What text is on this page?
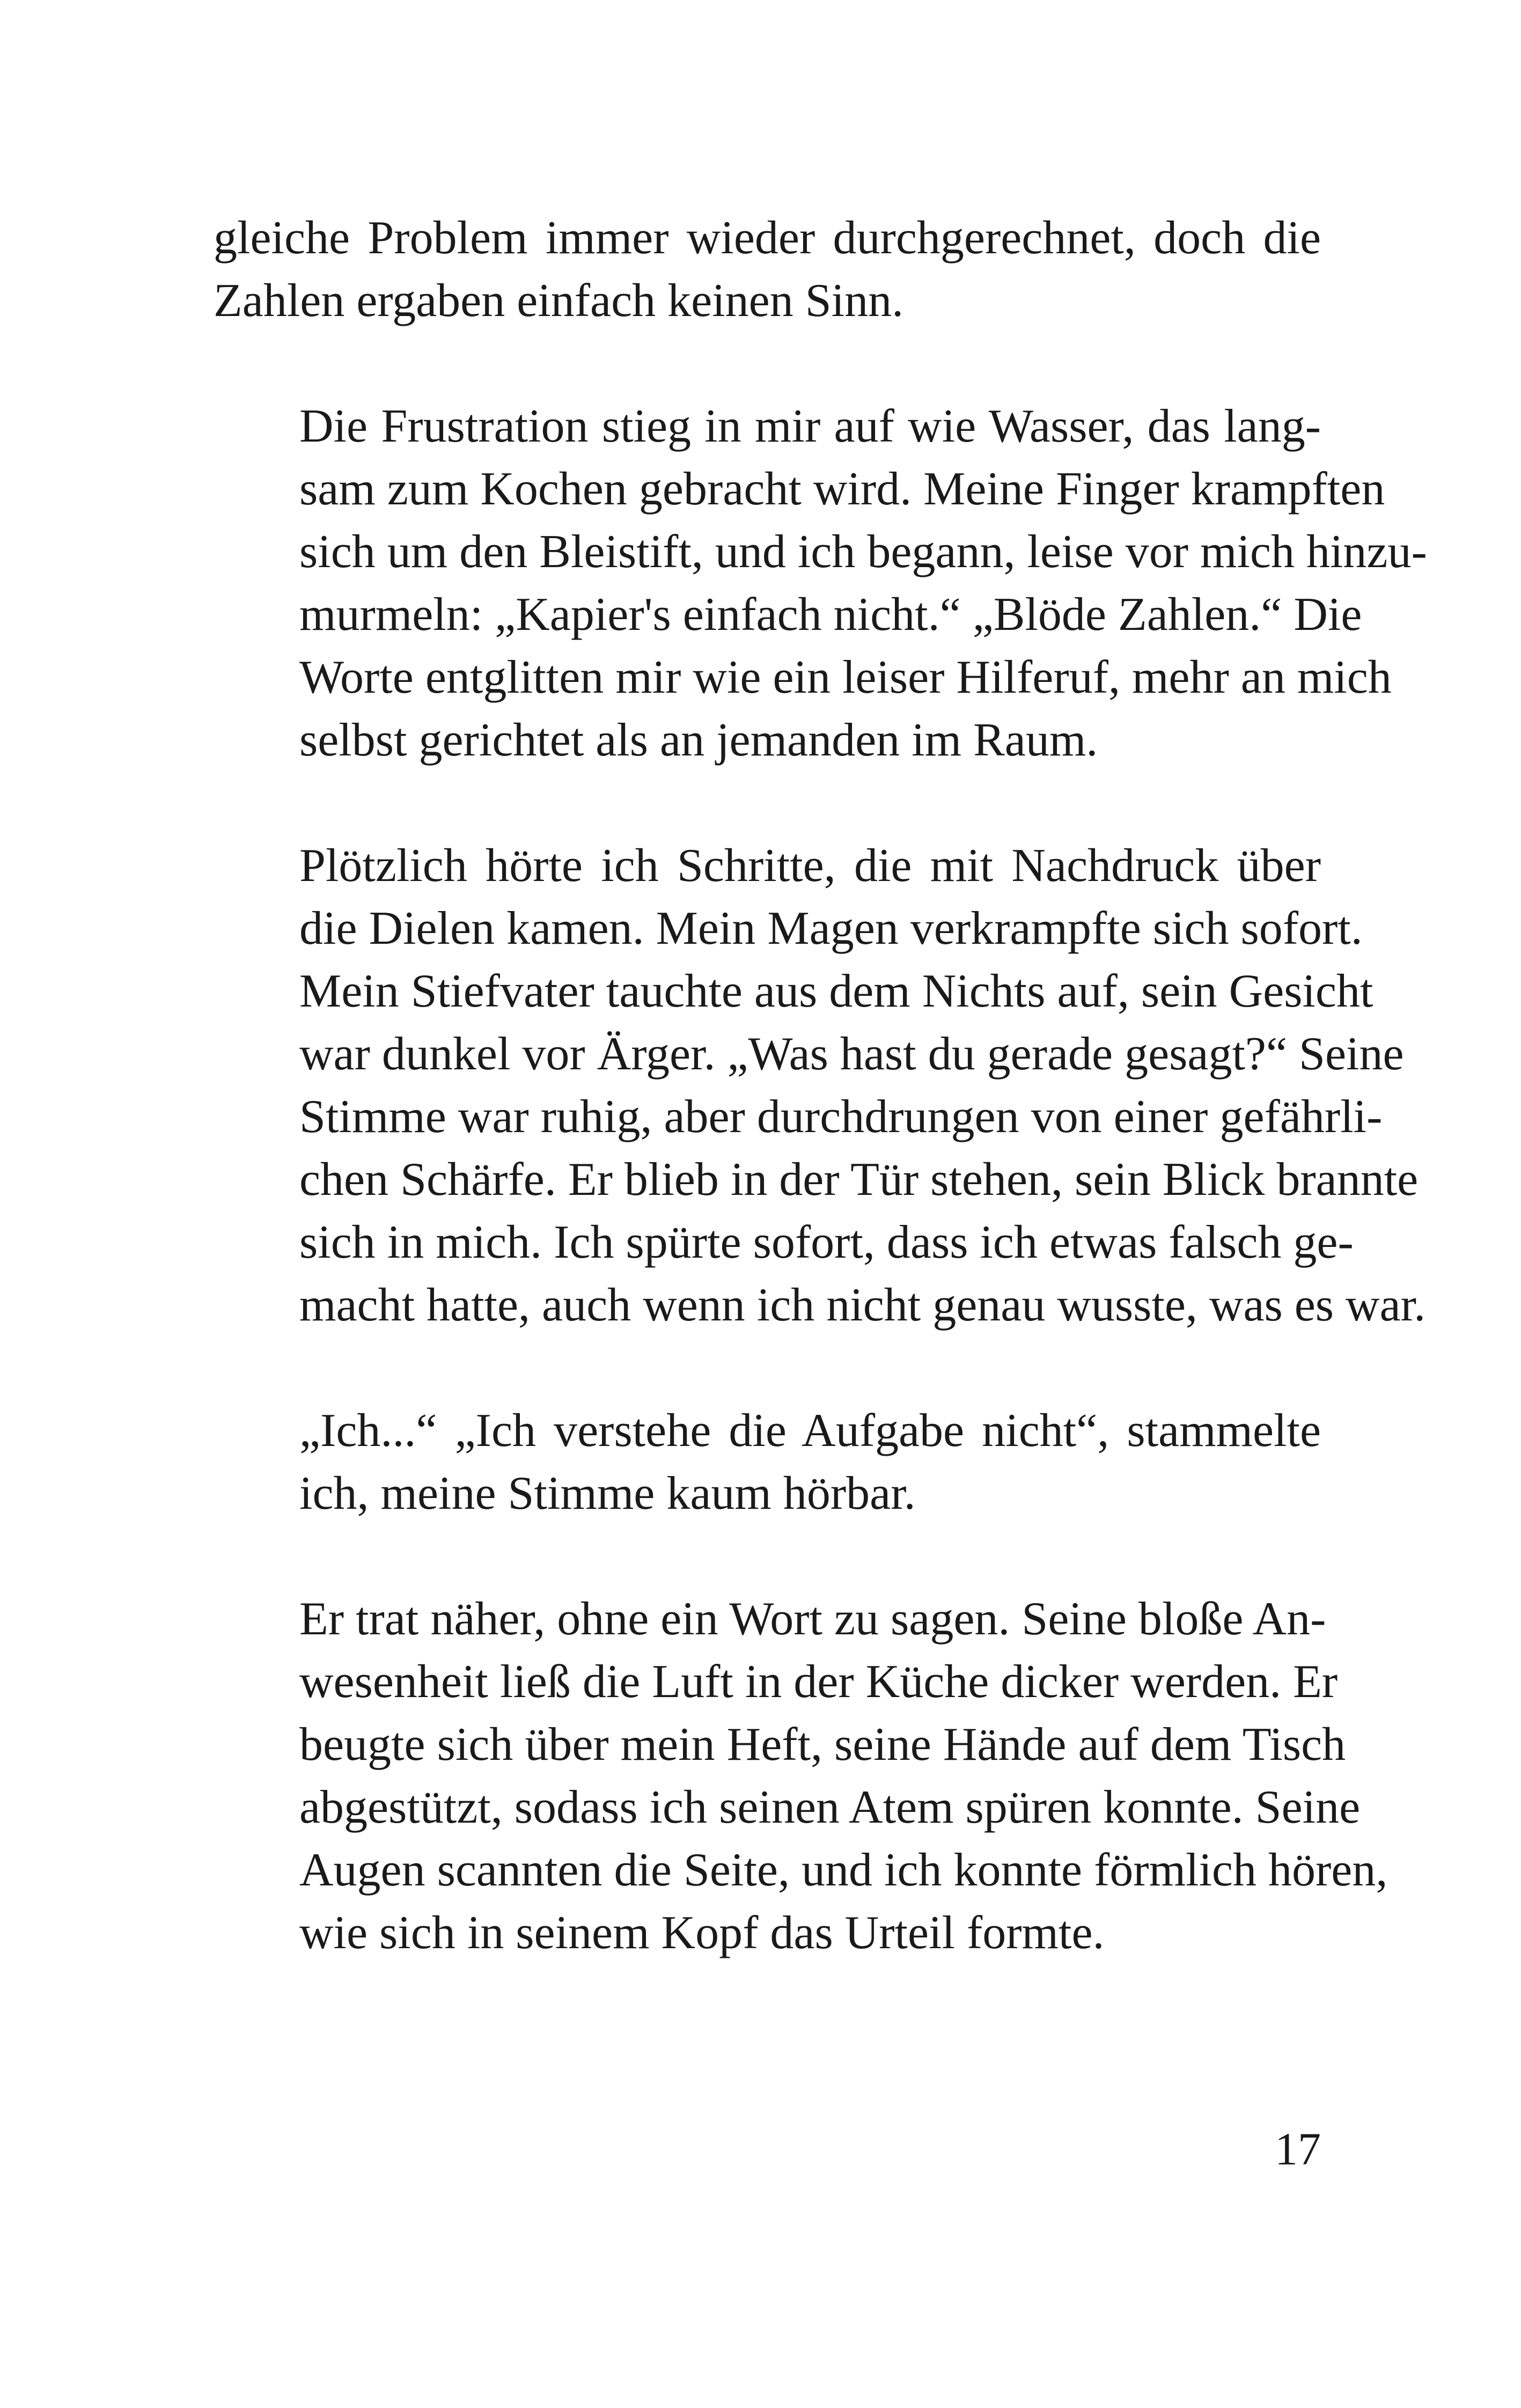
gleiche Problem immer wieder durchgerechnet, doch die
Zahlen ergaben einfach keinen Sinn.

Die Frustration stieg in mir auf wie Wasser, das lang-
sam zum Kochen gebracht wird. Meine Finger krampften
sich um den Bleistift, und ich begann, leise vor mich hinzu-
murmeln: „Kapier's einfach nicht.“ „Blöde Zahlen.“ Die
Worte entglitten mir wie ein leiser Hilferuf, mehr an mich
selbst gerichtet als an jemanden im Raum.

Plötzlich hörte ich Schritte, die mit Nachdruck über
die Dielen kamen. Mein Magen verkrampfte sich sofort.
Mein Stiefvater tauchte aus dem Nichts auf, sein Gesicht
war dunkel vor Ärger. „Was hast du gerade gesagt?“ Seine
Stimme war ruhig, aber durchdrungen von einer gefährli-
chen Schärfe. Er blieb in der Tür stehen, sein Blick brannte
sich in mich. Ich spürte sofort, dass ich etwas falsch ge-
macht hatte, auch wenn ich nicht genau wusste, was es war.

„Ich...“ „Ich verstehe die Aufgabe nicht“, stammelte
ich, meine Stimme kaum hörbar.

Er trat näher, ohne ein Wort zu sagen. Seine bloße An-
wesenheit ließ die Luft in der Küche dicker werden. Er
beugte sich über mein Heft, seine Hände auf dem Tisch
abgestützt, sodass ich seinen Atem spüren konnte. Seine
Augen scannten die Seite, und ich konnte förmlich hören,
wie sich in seinem Kopf das Urteil formte.

17
